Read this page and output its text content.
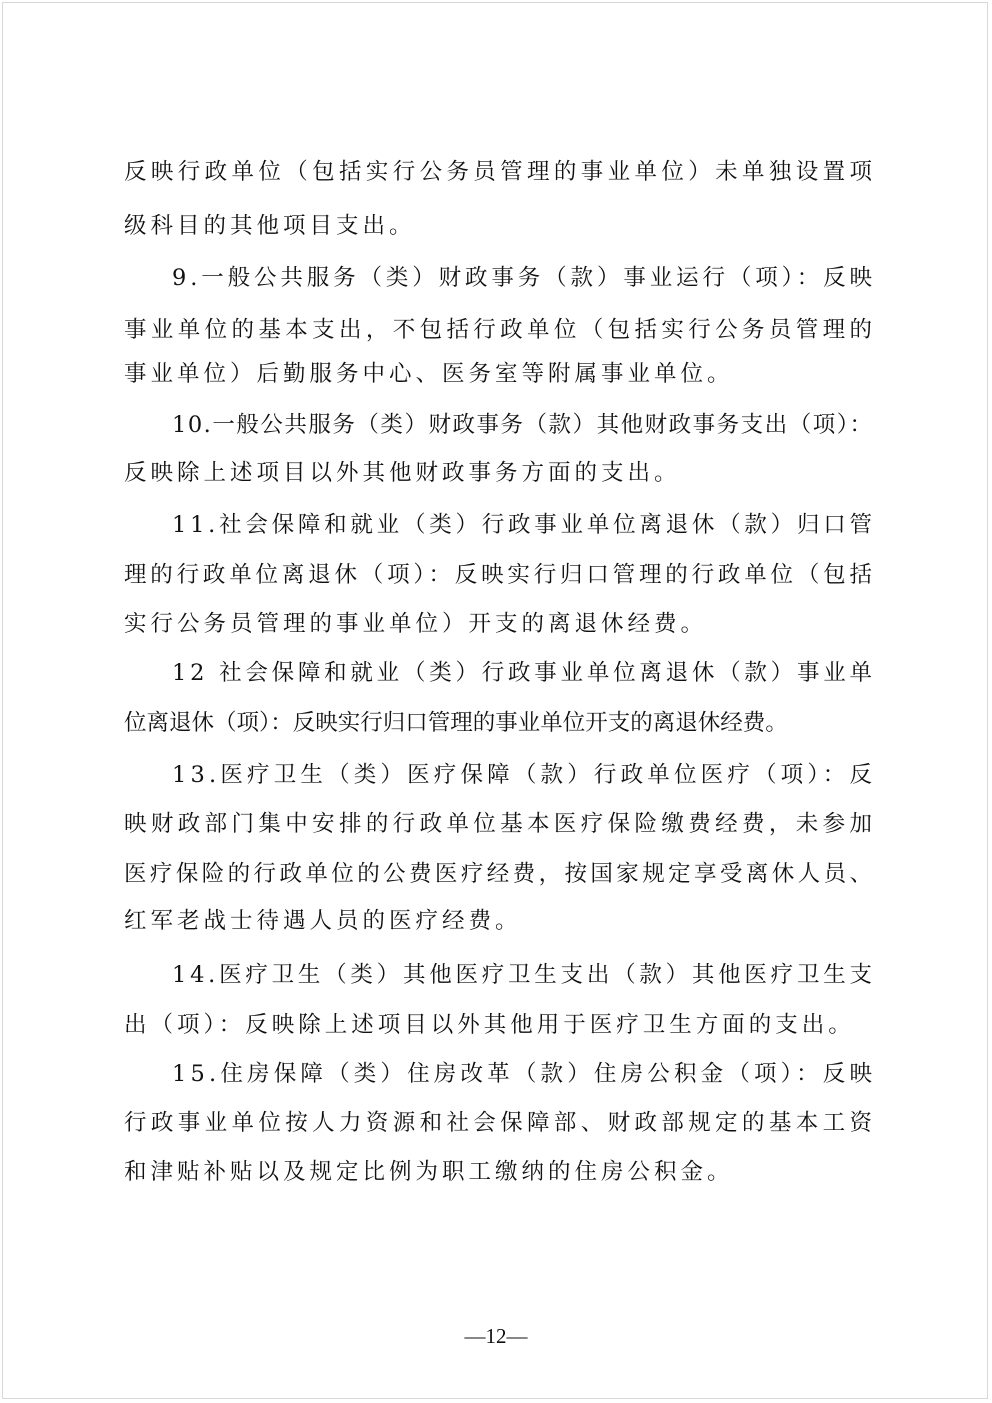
反映行政单位（包括实行公务员管理的事业单位）未单独设置项
级科目的其他项目支出。
9.一般公共服务（类）财政事务（款）事业运行（项）：反映
事业单位的基本支出，不包括行政单位（包括实行公务员管理的
事业单位）后勤服务中心、医务室等附属事业单位。
10.一般公共服务（类）财政事务（款）其他财政事务支出（项）：
反映除上述项目以外其他财政事务方面的支出。
11.社会保障和就业（类）行政事业单位离退休（款）归口管
理的行政单位离退休（项）：反映实行归口管理的行政单位（包括
实行公务员管理的事业单位）开支的离退休经费。
12 社会保障和就业（类）行政事业单位离退休（款）事业单
位离退休（项）：反映实行归口管理的事业单位开支的离退休经费。
13.医疗卫生（类）医疗保障（款）行政单位医疗（项）：反
映财政部门集中安排的行政单位基本医疗保险缴费经费，未参加
医疗保险的行政单位的公费医疗经费，按国家规定享受离休人员、
红军老战士待遇人员的医疗经费。
14.医疗卫生（类）其他医疗卫生支出（款）其他医疗卫生支
出（项）：反映除上述项目以外其他用于医疗卫生方面的支出。
15.住房保障（类）住房改革（款）住房公积金（项）：反映
行政事业单位按人力资源和社会保障部、财政部规定的基本工资
和津贴补贴以及规定比例为职工缴纳的住房公积金。
—12—
